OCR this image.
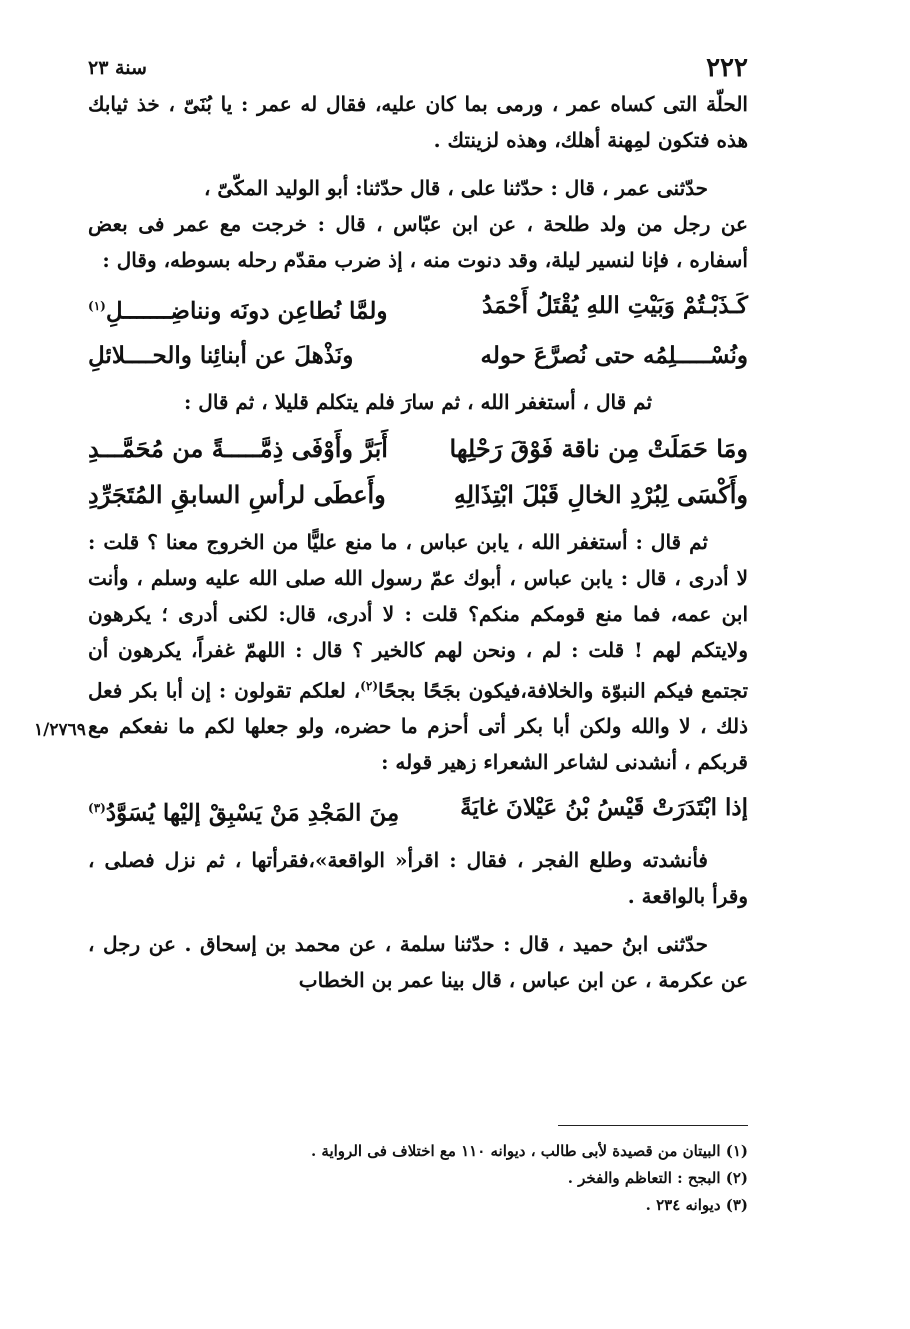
٢٢٢
سنة ٢٣

الحلّة التى كساه عمر ، ورمى بما كان عليه، فقال له عمر : يا بُنَىّ ، خذ ثيابك هذه فتكون لمِهنة أهلك، وهذه لزينتك .

حدّثنى عمر ، قال : حدّثنا على ، قال حدّثنا: أبو الوليد المكّىّ ،

عن رجل من ولد طلحة ، عن ابن عبّاس ، قال : خرجت مع عمر فى بعض أسفاره ، فإنا لنسير ليلة، وقد دنوت منه ، إذ ضرب مقدّم رحله بسوطه، وقال :

كَـذَبْـتُمْ وَبَيْتِ اللهِ يُقْتَلُ أَحْمَدُ
ولمَّا نُطاعِن دونَه ونناضِـــــــلِ$^{(١)}$
ونُسْـــــلِمُه حتى نُصرَّعَ حوله
ونَذْهلَ عن أبنائِنا والحــــلائلِ

ثم قال ، أستغفر الله ، ثم سارَ فلم يتكلم قليلا ، ثم قال :

ومَا حَمَلَتْ مِن ناقة فَوْقَ رَحْلِها
أَبَرَّ وأَوْفَى ذِمَّـــــةً من مُحَمَّـــدِ
وأَكْسَى لِبُرْدِ الخالِ قَبْلَ ابْتِذَالِهِ
وأَعطَى لرأسِ السابقِ المُتَجَرِّدِ

ثم قال : أستغفر الله ، يابن عباس ، ما منع عليًّا من الخروج معنا ؟ قلت : لا أدرى ، قال : يابن عباس ، أبوك عمّ رسول الله صلى الله عليه وسلم ، وأنت ابن عمه، فما منع قومكم منكم؟ قلت : لا أدرى، قال: لكنى أدرى ؛ يكرهون ولايتكم لهم ! قلت : لم ، ونحن لهم كالخير ؟ قال : اللهمّ غفراً، يكرهون أن تجتمع فيكم النبوّة والخلافة،فيكون بجَحًا بجحًا$^{(٢)}$، لعلكم تقولون : إن أبا بكر فعل ذلك ، لا والله ولكن أبا بكر أتى أحزم ما حضره، ولو جعلها لكم ما نفعكم مع قربكم ، أنشدنى لشاعر الشعراء زهير قوله :

إذا ابْتَدَرَتْ قَيْسُ بْنُ عَيْلانَ غايَةً
مِنَ المَجْدِ مَنْ يَسْبِقْ إليْها يُسَوَّدُ$^{(٣)}$

فأنشدته وطلع الفجر ، فقال : اقرأ« الواقعة»،فقرأتها ، ثم نزل فصلى ، وقرأ بالواقعة .

حدّثنى ابنُ حميد ، قال : حدّثنا سلمة ، عن محمد بن إسحاق . عن رجل ، عن عكرمة ، عن ابن عباس ، قال بينا عمر بن الخطاب

١/٢٧٦٩

(١) البيتان من قصيدة لأبى طالب ، ديوانه ١١٠ مع اختلاف فى الرواية .

(٢) البجح : التعاظم والفخر .

(٣) ديوانه ٢٣٤ .
